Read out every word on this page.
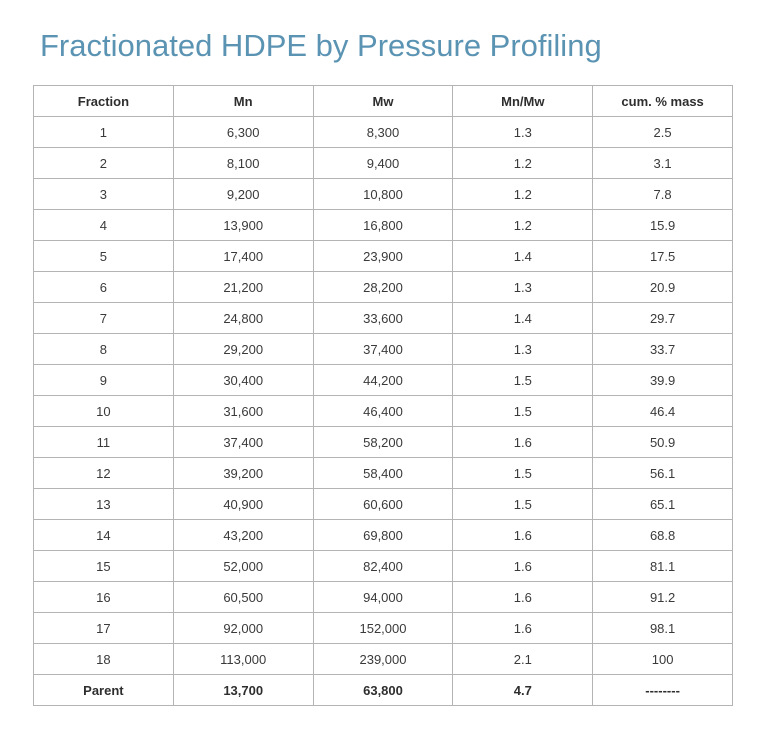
Fractionated HDPE by Pressure Profiling
Fraction	Mn	Mw	Mn/Mw	cum. % mass
1	6,300	8,300	1.3	2.5
2	8,100	9,400	1.2	3.1
3	9,200	10,800	1.2	7.8
4	13,900	16,800	1.2	15.9
5	17,400	23,900	1.4	17.5
6	21,200	28,200	1.3	20.9
7	24,800	33,600	1.4	29.7
8	29,200	37,400	1.3	33.7
9	30,400	44,200	1.5	39.9
10	31,600	46,400	1.5	46.4
11	37,400	58,200	1.6	50.9
12	39,200	58,400	1.5	56.1
13	40,900	60,600	1.5	65.1
14	43,200	69,800	1.6	68.8
15	52,000	82,400	1.6	81.1
16	60,500	94,000	1.6	91.2
17	92,000	152,000	1.6	98.1
18	113,000	239,000	2.1	100
Parent	13,700	63,800	4.7	--------
